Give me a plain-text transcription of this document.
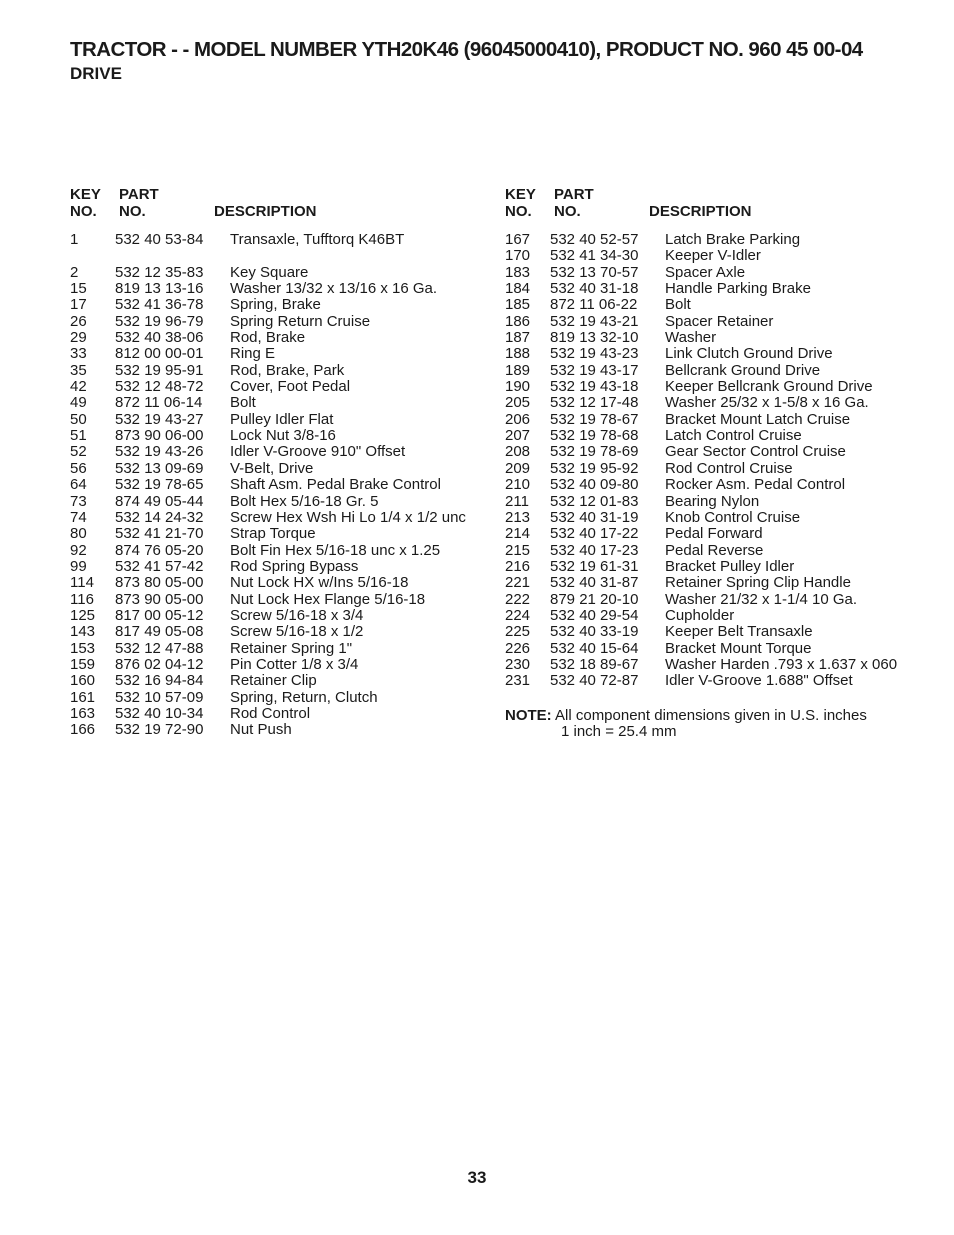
TRACTOR - - MODEL NUMBER YTH20K46 (96045000410), PRODUCT NO. 960 45 00-04
DRIVE
KEY
NO.
PART
NO.	DESCRIPTION
1 532 40 53-84 Transaxle, Tufftorq K46BT
2 532 12 35-83 Key Square
15 819 13 13-16 Washer 13/32 x 13/16 x 16 Ga.
17 532 41 36-78 Spring, Brake
26 532 19 96-79 Spring Return Cruise
29 532 40 38-06 Rod, Brake
33 812 00 00-01 Ring E
35 532 19 95-91 Rod, Brake, Park
42 532 12 48-72 Cover, Foot Pedal
49 872 11 06-14 Bolt
50 532 19 43-27 Pulley Idler Flat
51 873 90 06-00 Lock Nut 3/8-16
52 532 19 43-26 Idler V-Groove 910" Offset
56 532 13 09-69 V-Belt, Drive
64 532 19 78-65 Shaft Asm. Pedal Brake Control
73 874 49 05-44 Bolt Hex 5/16-18 Gr. 5
74 532 14 24-32 Screw Hex Wsh Hi Lo 1/4 x 1/2 unc
80 532 41 21-70 Strap Torque
92 874 76 05-20 Bolt Fin Hex 5/16-18 unc x 1.25
99 532 41 57-42 Rod Spring Bypass
114 873 80 05-00 Nut Lock HX w/Ins 5/16-18
116 873 90 05-00 Nut Lock Hex Flange 5/16-18
125 817 00 05-12 Screw 5/16-18 x 3/4
143 817 49 05-08 Screw 5/16-18 x 1/2
153 532 12 47-88 Retainer Spring 1"
159 876 02 04-12 Pin Cotter 1/8 x 3/4
160 532 16 94-84 Retainer Clip
161 532 10 57-09 Spring, Return, Clutch
163 532 40 10-34 Rod Control
166 532 19 72-90 Nut Push
KEY
NO.
PART
NO.	DESCRIPTION
167 532 40 52-57 Latch Brake Parking
170 532 41 34-30 Keeper V-Idler
183 532 13 70-57 Spacer Axle
184 532 40 31-18 Handle Parking Brake
185 872 11 06-22 Bolt
186 532 19 43-21 Spacer Retainer
187 819 13 32-10 Washer
188 532 19 43-23 Link Clutch Ground Drive
189 532 19 43-17 Bellcrank Ground Drive
190 532 19 43-18 Keeper Bellcrank Ground Drive
205 532 12 17-48 Washer 25/32 x 1-5/8 x 16 Ga.
206 532 19 78-67 Bracket Mount Latch Cruise
207 532 19 78-68 Latch Control Cruise
208 532 19 78-69 Gear Sector Control Cruise
209 532 19 95-92 Rod Control Cruise
210 532 40 09-80 Rocker Asm. Pedal Control
211 532 12 01-83 Bearing Nylon
213 532 40 31-19 Knob Control Cruise
214 532 40 17-22 Pedal Forward
215 532 40 17-23 Pedal Reverse
216 532 19 61-31 Bracket Pulley Idler
221 532 40 31-87 Retainer Spring Clip Handle
222 879 21 20-10 Washer 21/32 x 1-1/4 10 Ga.
224 532 40 29-54 Cupholder
225 532 40 33-19 Keeper Belt Transaxle
226 532 40 15-64 Bracket Mount Torque
230 532 18 89-67 Washer Harden .793 x 1.637 x 060
231 532 40 72-87 Idler V-Groove 1.688" Offset
NOTE: All component dimensions given in U.S. inches
1 inch = 25.4 mm
33
